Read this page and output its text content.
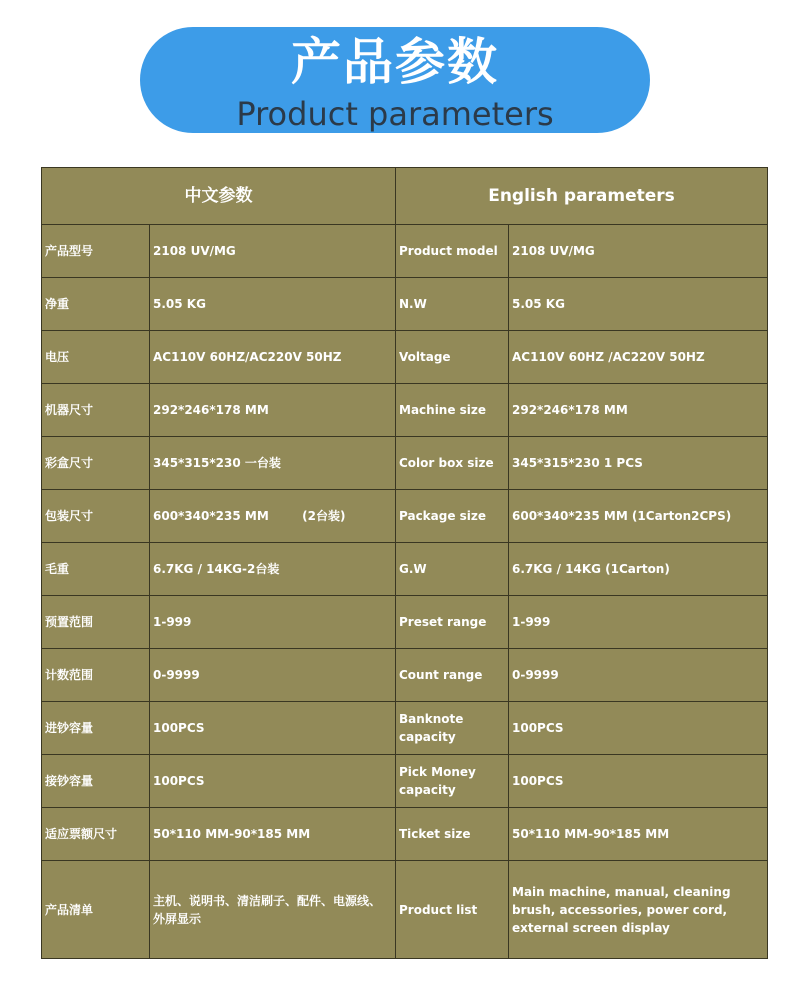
产品参数
Product parameters
中文参数		English parameters	
产品型号	2108 UV/MG	Product model	2108 UV/MG
净重	5.05 KG	N.W	5.05 KG
电压	AC110V 60HZ/AC220V 50HZ	Voltage	AC110V 60HZ /AC220V 50HZ
机器尺寸	292*246*178 MM	Machine size	292*246*178 MM
彩盒尺寸	345*315*230 一台装	Color box size	345*315*230 1 PCS
包装尺寸	600*340*235 MM        (2台装)	Package size	600*340*235 MM (1Carton2CPS)
毛重	6.7KG / 14KG-2台装	G.W	6.7KG / 14KG (1Carton)
预置范围	1-999	Preset range	1-999
计数范围	0-9999	Count range	0-9999
进钞容量	100PCS	Banknote capacity	100PCS
接钞容量	100PCS	Pick Money capacity	100PCS
适应票额尺寸	50*110 MM-90*185 MM	Ticket size	50*110 MM-90*185 MM
产品清单	主机、说明书、清洁刷子、配件、电源线、外屏显示	Product list	Main machine, manual, cleaning brush, accessories, power cord, external screen display
